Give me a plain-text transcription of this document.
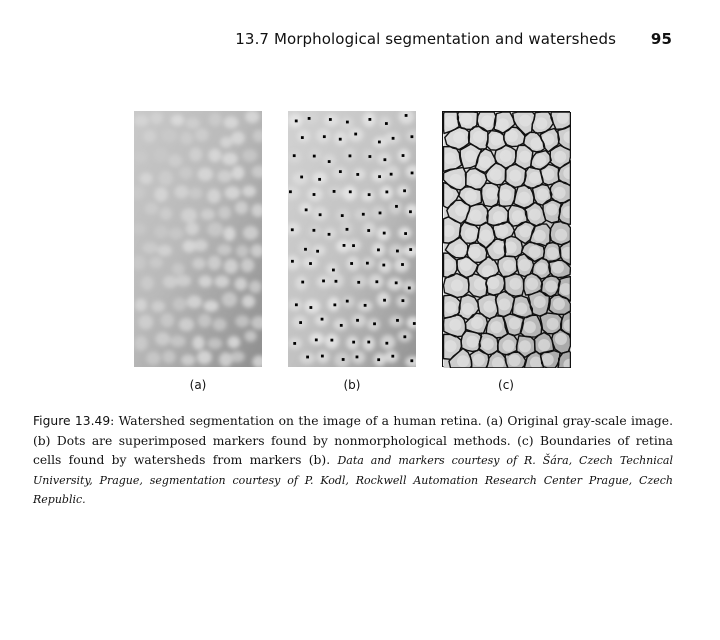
13.7 Morphological segmentation and watersheds 95
(a)	(b)	(c)
Figure 13.49: Watershed segmentation on the image of a human retina. (a) Original gray-scale image. (b) Dots are superimposed markers found by nonmorphological methods. (c) Boundaries of retina cells found by watersheds from markers (b). Data and markers courtesy of R. Šára, Czech Technical University, Prague, segmentation courtesy of P. Kodl, Rockwell Automation Research Center Prague, Czech Republic.
